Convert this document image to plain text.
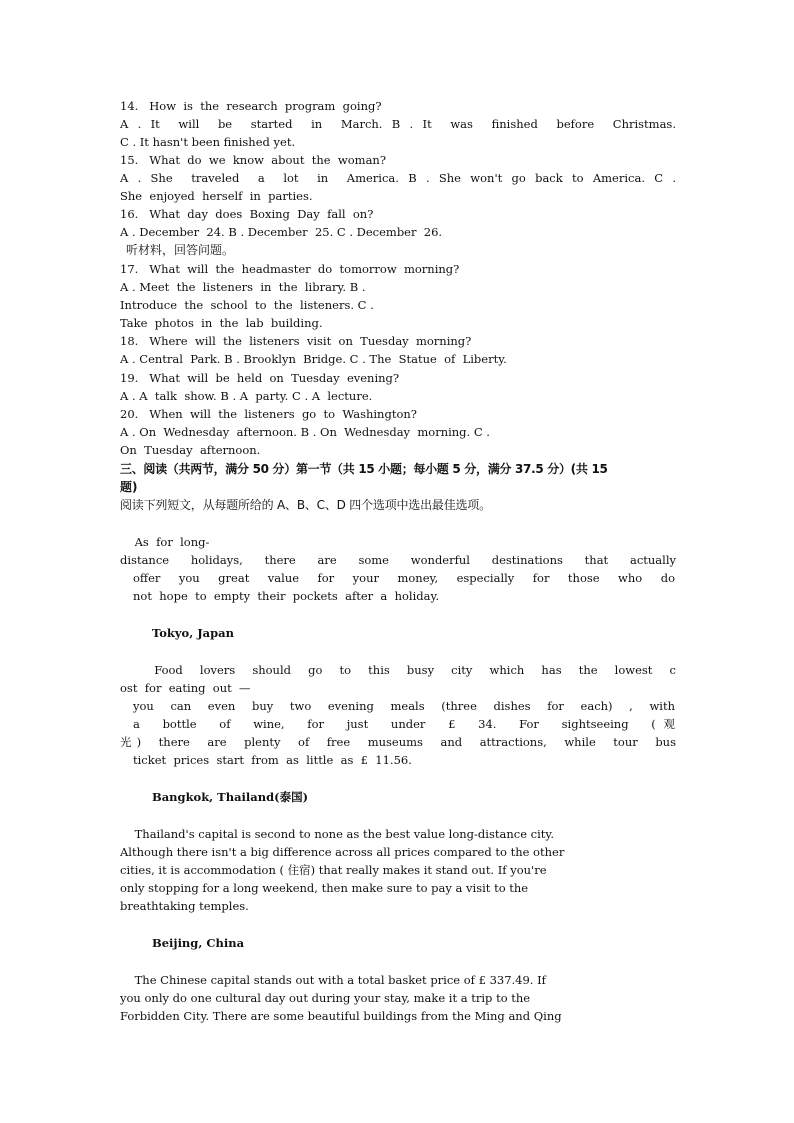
14.   How  is  the  research  program  going?

A . It  will  be  started  in  March. B . It  was  finished  before  Christmas.

C . It hasn't been finished yet.

15.   What  do  we  know  about  the  woman?

A . She  traveled  a  lot  in  America. B . She won't go back to America. C .

She  enjoyed  herself  in  parties.

16.   What  day  does  Boxing  Day  fall  on?

A . December  24. B . December  25. C . December  26.

听材料，回答问题。

17.   What  will  the  headmaster  do  tomorrow  morning?

A . Meet  the  listeners  in  the  library. B .

Introduce  the  school  to  the  listeners. C .

Take  photos  in  the  lab  building.

18.   Where  will  the  listeners  visit  on  Tuesday  morning?

A . Central  Park. B . Brooklyn  Bridge. C . The  Statue  of  Liberty.

19.   What  will  be  held  on  Tuesday  evening?

A . A  talk  show. B . A  party. C . A  lecture.

20.   When  will  the  listeners  go  to  Washington?

A . On  Wednesday  afternoon. B . On  Wednesday  morning. C .

On  Tuesday  afternoon.

三、阅读（共两节，满分 50 分）第一节（共 15 小题；每小题 5 分，满分 37.5 分）(共 15

题)

阅读下列短文，从每题所给的 A、B、C、D 四个选项中选出最佳选项。

As  for  long-

distance  holidays,  there  are  some  wonderful  destinations  that  actually

offer  you  great  value  for  your  money,  especially  for  those  who  do

not  hope  to  empty  their  pockets  after  a  holiday.

Tokyo, Japan

Food  lovers  should  go  to  this  busy  city  which  has  the  lowest  c

ost  for  eating  out  —

you  can  even  buy  two  evening  meals  (three  dishes  for  each)  ,  with

a  bottle  of  wine,  for  just  under  £  34.  For  sightseeing  (观

光)  there  are  plenty  of  free  museums  and  attractions,  while  tour  bus

ticket  prices  start  from  as  little  as  £  11.56.

Bangkok, Thailand(泰国)

Thailand's capital is second to none as the best value long-distance city.

Although there isn't a big difference across all prices compared to the other

cities, it is accommodation ( 住宿) that really makes it stand out. If you're

only stopping for a long weekend, then make sure to pay a visit to the

breathtaking temples.

Beijing, China

The Chinese capital stands out with a total basket price of £ 337.49. If

you only do one cultural day out during your stay, make it a trip to the

Forbidden City. There are some beautiful buildings from the Ming and Qing
